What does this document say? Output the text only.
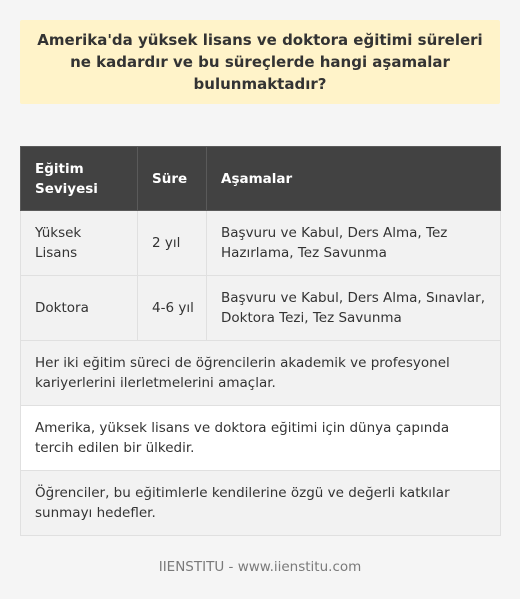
Amerika'da yüksek lisans ve doktora eğitimi süreleri ne kadardır ve bu süreçlerde hangi aşamalar bulunmaktadır?
Eğitim Seviyesi	Süre	Aşamalar
Yüksek Lisans	2 yıl	Başvuru ve Kabul, Ders Alma, Tez Hazırlama, Tez Savunma
Doktora	4-6 yıl	Başvuru ve Kabul, Ders Alma, Sınavlar, Doktora Tezi, Tez Savunma
Her iki eğitim süreci de öğrencilerin akademik ve profesyonel kariyerlerini ilerletmelerini amaçlar.		
Amerika, yüksek lisans ve doktora eğitimi için dünya çapında tercih edilen bir ülkedir.		
Öğrenciler, bu eğitimlerle kendilerine özgü ve değerli katkılar sunmayı hedefler.		
IIENSTITU - www.iienstitu.com
